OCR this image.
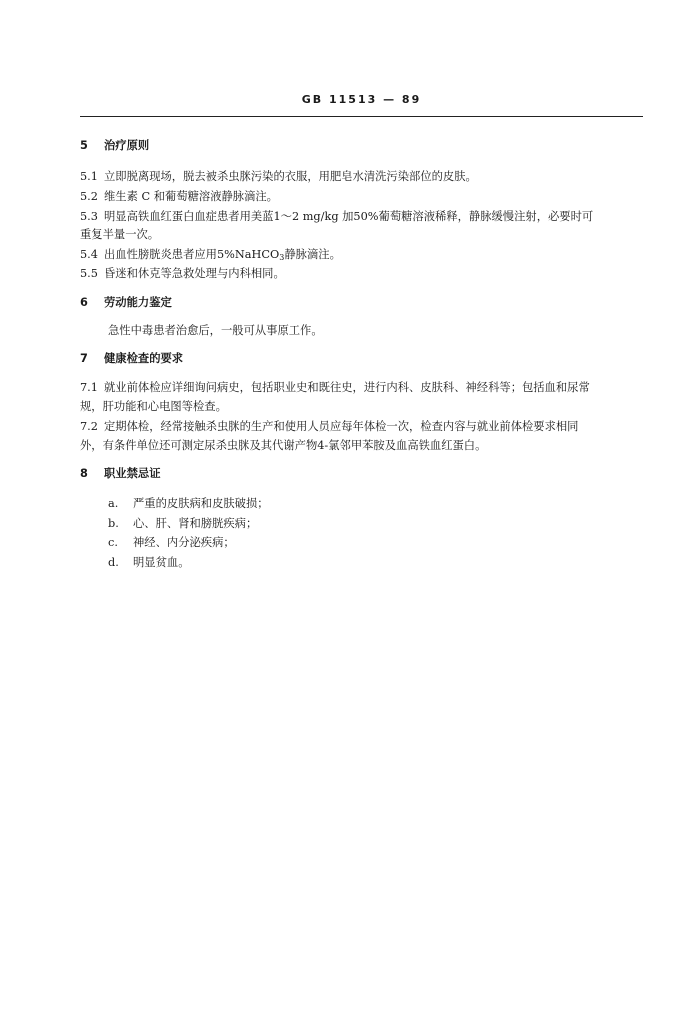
GB 11513 — 89
5 治疗原则
5.1 立即脱离现场，脱去被杀虫脒污染的衣服，用肥皂水清洗污染部位的皮肤。
5.2 维生素 C 和葡萄糖溶液静脉滴注。
5.3 明显高铁血红蛋白血症患者用美蓝1～2 mg/kg 加50%葡萄糖溶液稀释，静脉缓慢注射，必要时可
重复半量一次。
5.4 出血性膀胱炎患者应用5%NaHCO$_3$静脉滴注。
5.5 昏迷和休克等急救处理与内科相同。
6 劳动能力鉴定
急性中毒患者治愈后，一般可从事原工作。
7 健康检查的要求
7.1 就业前体检应详细询问病史，包括职业史和既往史，进行内科、皮肤科、神经科等；包括血和尿常
规，肝功能和心电图等检查。
7.2 定期体检，经常接触杀虫脒的生产和使用人员应每年体检一次，检查内容与就业前体检要求相同
外，有条件单位还可测定尿杀虫脒及其代谢产物4-氯邻甲苯胺及血高铁血红蛋白。
8 职业禁忌证
a. 严重的皮肤病和皮肤破损；
b. 心、肝、肾和膀胱疾病；
c. 神经、内分泌疾病；
d. 明显贫血。
